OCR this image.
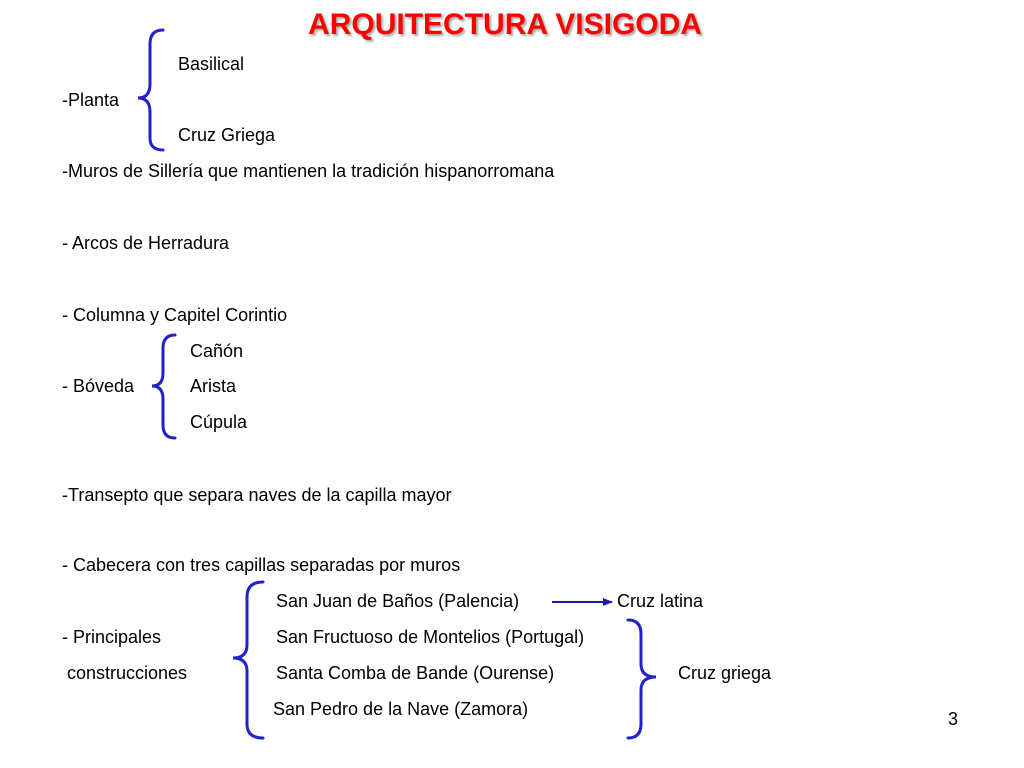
ARQUITECTURA VISIGODA
Basilical
-Planta
Cruz Griega
-Muros de Sillería que mantienen la tradición hispanorromana
- Arcos de Herradura
- Columna y Capitel Corintio
Cañón
- Bóveda	Arista
Cúpula
-Transepto que separa naves de la capilla mayor
- Cabecera con tres capillas separadas por muros
San Juan de Baños (Palencia)	Cruz latina
- Principales	San Fructuoso de Montelios (Portugal)
construcciones	Santa Comba de Bande (Ourense)	Cruz griega
San Pedro de la Nave (Zamora)	3
